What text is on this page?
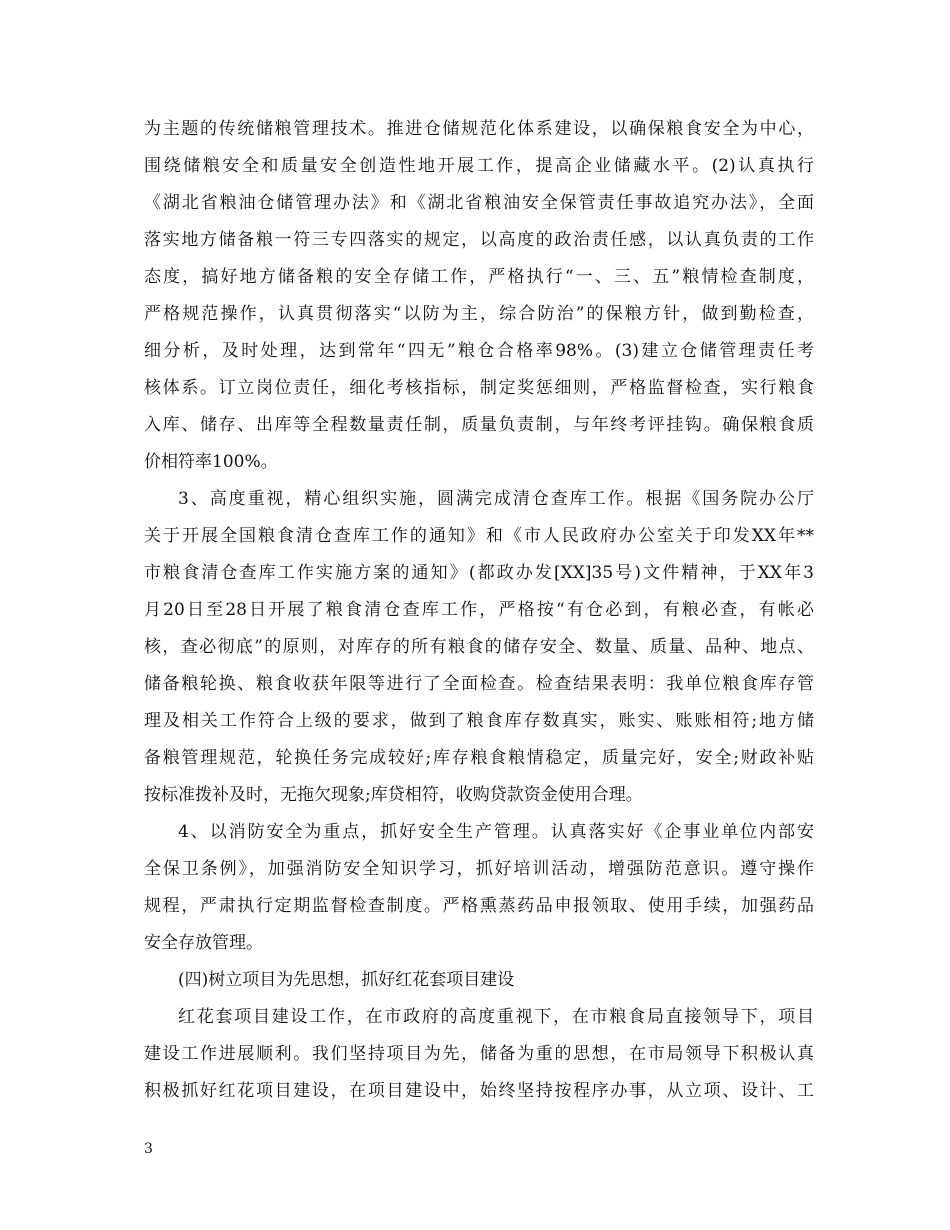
为主题的传统储粮管理技术。推进仓储规范化体系建设，以确保粮食安全为中心，
围绕储粮安全和质量安全创造性地开展工作，提高企业储藏水平。(2)认真执行
《湖北省粮油仓储管理办法》和《湖北省粮油安全保管责任事故追究办法》，全面
落实地方储备粮一符三专四落实的规定，以高度的政治责任感，以认真负责的工作
态度，搞好地方储备粮的安全存储工作，严格执行“一、三、五”粮情检查制度，
严格规范操作，认真贯彻落实“以防为主，综合防治”的保粮方针，做到勤检查，
细分析，及时处理，达到常年“四无”粮仓合格率98%。(3)建立仓储管理责任考
核体系。订立岗位责任，细化考核指标，制定奖惩细则，严格监督检查，实行粮食
入库、储存、出库等全程数量责任制，质量负责制，与年终考评挂钩。确保粮食质
价相符率100%。
3、高度重视，精心组织实施，圆满完成清仓查库工作。根据《国务院办公厅
关于开展全国粮食清仓查库工作的通知》和《市人民政府办公室关于印发XX年**
市粮食清仓查库工作实施方案的通知》(都政办发[XX]35号)文件精神，于XX年3
月20日至28日开展了粮食清仓查库工作，严格按“有仓必到，有粮必查，有帐必
核，查必彻底”的原则，对库存的所有粮食的储存安全、数量、质量、品种、地点、
储备粮轮换、粮食收获年限等进行了全面检查。检查结果表明：我单位粮食库存管
理及相关工作符合上级的要求，做到了粮食库存数真实，账实、账账相符;地方储
备粮管理规范，轮换任务完成较好;库存粮食粮情稳定，质量完好，安全;财政补贴
按标准拨补及时，无拖欠现象;库贷相符，收购贷款资金使用合理。
4、以消防安全为重点，抓好安全生产管理。认真落实好《企事业单位内部安
全保卫条例》，加强消防安全知识学习，抓好培训活动，增强防范意识。遵守操作
规程，严肃执行定期监督检查制度。严格熏蒸药品申报领取、使用手续，加强药品
安全存放管理。
(四)树立项目为先思想，抓好红花套项目建设
红花套项目建设工作，在市政府的高度重视下，在市粮食局直接领导下，项目
建设工作进展顺利。我们坚持项目为先，储备为重的思想，在市局领导下积极认真
积极抓好红花项目建设，在项目建设中，始终坚持按程序办事，从立项、设计、工
3
